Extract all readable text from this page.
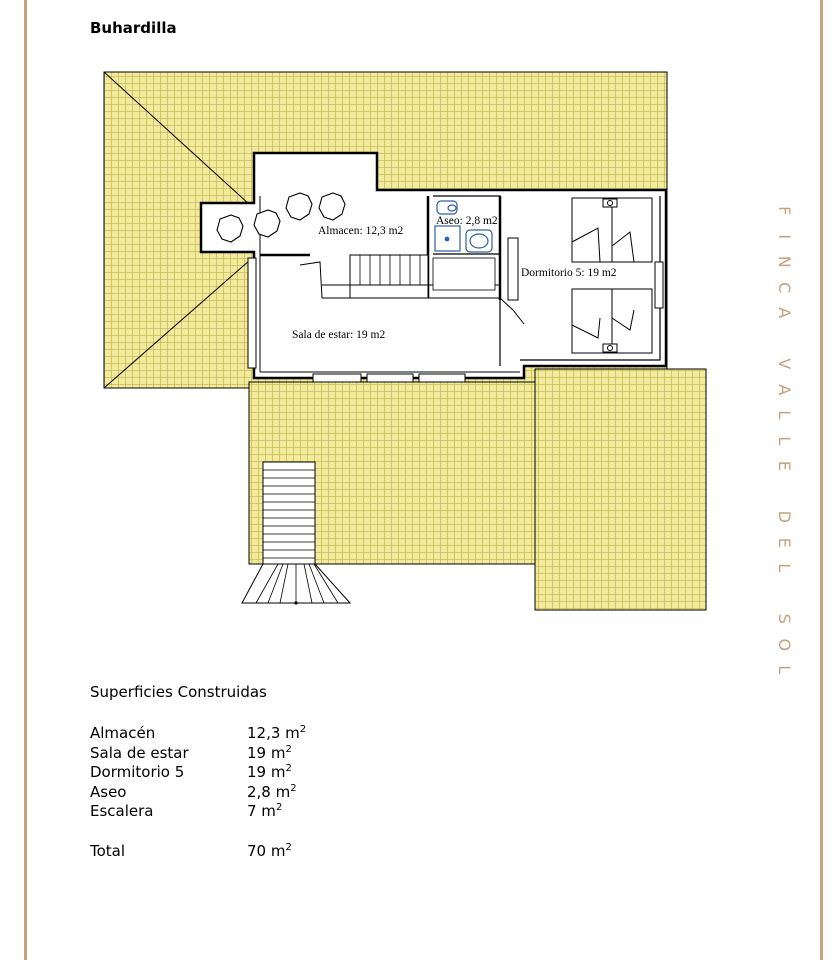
Buhardilla
F
I
N
C
A
V
A
L
L
E
D
E
L
S
O
L
Almacen: 12,3 m2
Aseo: 2,8 m2
Dormitorio 5: 19 m2
Sala de estar: 19 m2
Superficies Construidas
Almacén	12,3 $m^2$
Sala de estar	19 $m^2$
Dormitorio 5	19 $m^2$
Aseo	2,8 $m^2$
Escalera	7 $m^2$
Total	70 $m^2$
